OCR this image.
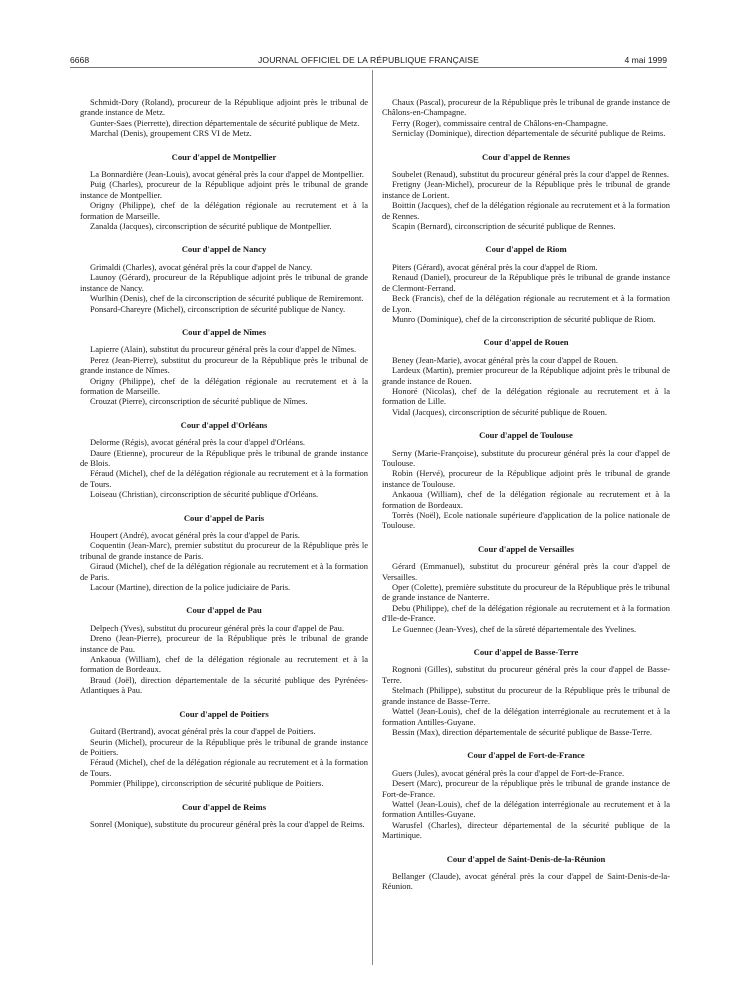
6668	JOURNAL OFFICIEL DE LA RÉPUBLIQUE FRANÇAISE	4 mai 1999

Schmidt-Dory (Roland), procureur de la République adjoint près le tribunal de grande instance de Metz.

Gunter-Saes (Pierrette), direction départementale de sécurité publique de Metz.

Marchal (Denis), groupement CRS VI de Metz.

Cour d'appel de Montpellier

La Bonnardière (Jean-Louis), avocat général près la cour d'appel de Montpellier.

Puig (Charles), procureur de la République adjoint près le tribunal de grande instance de Montpellier.

Origny (Philippe), chef de la délégation régionale au recrutement et à la formation de Marseille.

Zanalda (Jacques), circonscription de sécurité publique de Montpellier.

Cour d'appel de Nancy

Grimaldi (Charles), avocat général près la cour d'appel de Nancy.

Launoy (Gérard), procureur de la République adjoint près le tribunal de grande instance de Nancy.

Wurlhin (Denis), chef de la circonscription de sécurité publique de Remiremont.

Ponsard-Chareyre (Michel), circonscription de sécurité publique de Nancy.

Cour d'appel de Nîmes

Lapierre (Alain), substitut du procureur général près la cour d'appel de Nîmes.

Perez (Jean-Pierre), substitut du procureur de la République près le tribunal de grande instance de Nîmes.

Origny (Philippe), chef de la délégation régionale au recrutement et à la formation de Marseille.

Crouzat (Pierre), circonscription de sécurité publique de Nîmes.

Cour d'appel d'Orléans

Delorme (Régis), avocat général près la cour d'appel d'Orléans.

Daure (Etienne), procureur de la République près le tribunal de grande instance de Blois.

Féraud (Michel), chef de la délégation régionale au recrutement et à la formation de Tours.

Loiseau (Christian), circonscription de sécurité publique d'Orléans.

Cour d'appel de Paris

Houpert (André), avocat général près la cour d'appel de Paris.

Coquentin (Jean-Marc), premier substitut du procureur de la République près le tribunal de grande instance de Paris.

Giraud (Michel), chef de la délégation régionale au recrutement et à la formation de Paris.

Lacour (Martine), direction de la police judiciaire de Paris.

Cour d'appel de Pau

Delpech (Yves), substitut du procureur général près la cour d'appel de Pau.

Dreno (Jean-Pierre), procureur de la République près le tribunal de grande instance de Pau.

Ankaoua (William), chef de la délégation régionale au recrutement et à la formation de Bordeaux.

Braud (Joël), direction départementale de la sécurité publique des Pyrénées-Atlantiques à Pau.

Cour d'appel de Poitiers

Guitard (Bertrand), avocat général près la cour d'appel de Poitiers.

Seurin (Michel), procureur de la République près le tribunal de grande instance de Poitiers.

Féraud (Michel), chef de la délégation régionale au recrutement et à la formation de Tours.

Pommier (Philippe), circonscription de sécurité publique de Poitiers.

Cour d'appel de Reims

Sonrel (Monique), substitute du procureur général près la cour d'appel de Reims.

Chaux (Pascal), procureur de la République près le tribunal de grande instance de Châlons-en-Champagne.

Ferry (Roger), commissaire central de Châlons-en-Champagne.

Serniclay (Dominique), direction départementale de sécurité publique de Reims.

Cour d'appel de Rennes

Soubelet (Renaud), substitut du procureur général près la cour d'appel de Rennes.

Fretigny (Jean-Michel), procureur de la République près le tribunal de grande instance de Lorient.

Boittin (Jacques), chef de la délégation régionale au recrutement et à la formation de Rennes.

Scapin (Bernard), circonscription de sécurité publique de Rennes.

Cour d'appel de Riom

Piters (Gérard), avocat général près la cour d'appel de Riom.

Renaud (Daniel), procureur de la République près le tribunal de grande instance de Clermont-Ferrand.

Beck (Francis), chef de la délégation régionale au recrutement et à la formation de Lyon.

Munro (Dominique), chef de la circonscription de sécurité publique de Riom.

Cour d'appel de Rouen

Beney (Jean-Marie), avocat général près la cour d'appel de Rouen.

Lardeux (Martin), premier procureur de la République adjoint près le tribunal de grande instance de Rouen.

Honoré (Nicolas), chef de la délégation régionale au recrutement et à la formation de Lille.

Vidal (Jacques), circonscription de sécurité publique de Rouen.

Cour d'appel de Toulouse

Serny (Marie-Françoise), substitute du procureur général près la cour d'appel de Toulouse.

Robin (Hervé), procureur de la République adjoint près le tribunal de grande instance de Toulouse.

Ankaoua (William), chef de la délégation régionale au recrutement et à la formation de Bordeaux.

Torrès (Noël), Ecole nationale supérieure d'application de la police nationale de Toulouse.

Cour d'appel de Versailles

Gérard (Emmanuel), substitut du procureur général près la cour d'appel de Versailles.

Oper (Colette), première substitute du procureur de la République près le tribunal de grande instance de Nanterre.

Debu (Philippe), chef de la délégation régionale au recrutement et à la formation d'Ile-de-France.

Le Guennec (Jean-Yves), chef de la sûreté départementale des Yvelines.

Cour d'appel de Basse-Terre

Rognoni (Gilles), substitut du procureur général près la cour d'appel de Basse-Terre.

Stelmach (Philippe), substitut du procureur de la République près le tribunal de grande instance de Basse-Terre.

Wattel (Jean-Louis), chef de la délégation interrégionale au recrutement et à la formation Antilles-Guyane.

Bessin (Max), direction départementale de sécurité publique de Basse-Terre.

Cour d'appel de Fort-de-France

Guers (Jules), avocat général près la cour d'appel de Fort-de-France.

Desert (Marc), procureur de la république près le tribunal de grande instance de Fort-de-France.

Wattel (Jean-Louis), chef de la délégation interrégionale au recrutement et à la formation Antilles-Guyane.

Warusfel (Charles), directeur départemental de la sécurité publique de la Martinique.

Cour d'appel de Saint-Denis-de-la-Réunion

Bellanger (Claude), avocat général près la cour d'appel de Saint-Denis-de-la-Réunion.
